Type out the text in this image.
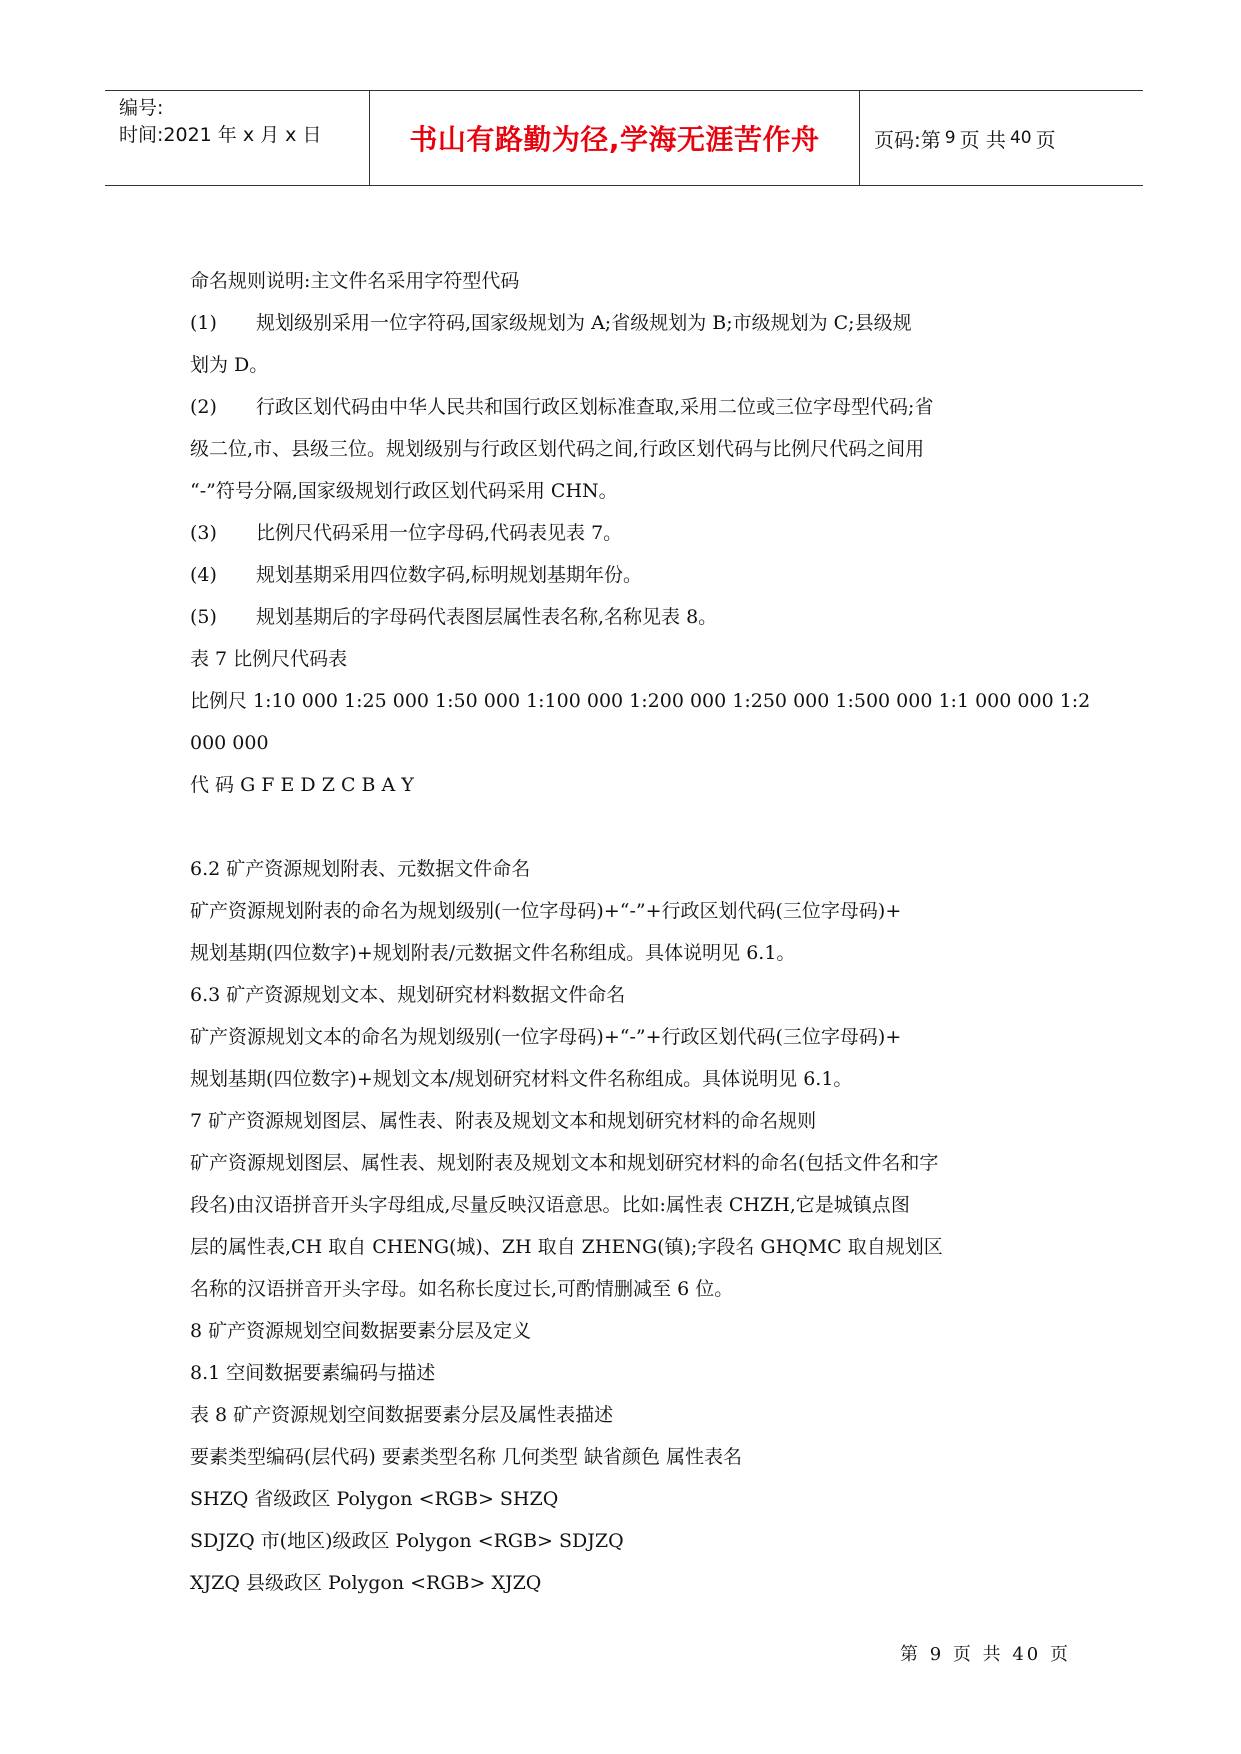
编号:
时间:2021 年 x 月 x 日	书山有路勤为径,学海无涯苦作舟	页码:第 9 页 共 40 页
命名规则说明:主文件名采用字符型代码
(1) 规划级别采用一位字符码,国家级规划为 A;省级规划为 B;市级规划为 C;县级规
划为 D。
(2) 行政区划代码由中华人民共和国行政区划标准查取,采用二位或三位字母型代码;省
级二位,市、县级三位。规划级别与行政区划代码之间,行政区划代码与比例尺代码之间用
“-”符号分隔,国家级规划行政区划代码采用 CHN。
(3) 比例尺代码采用一位字母码,代码表见表 7。
(4) 规划基期采用四位数字码,标明规划基期年份。
(5) 规划基期后的字母码代表图层属性表名称,名称见表 8。
表 7 比例尺代码表
比例尺 1:10 000 1:25 000 1:50 000 1:100 000 1:200 000 1:250 000 1:500 000 1:1 000 000 1:2
000 000
代 码 G F E D Z C B A Y
6.2 矿产资源规划附表、元数据文件命名
矿产资源规划附表的命名为规划级别(一位字母码)+“-”+行政区划代码(三位字母码)+
规划基期(四位数字)+规划附表/元数据文件名称组成。具体说明见 6.1。
6.3 矿产资源规划文本、规划研究材料数据文件命名
矿产资源规划文本的命名为规划级别(一位字母码)+“-”+行政区划代码(三位字母码)+
规划基期(四位数字)+规划文本/规划研究材料文件名称组成。具体说明见 6.1。
7 矿产资源规划图层、属性表、附表及规划文本和规划研究材料的命名规则
矿产资源规划图层、属性表、规划附表及规划文本和规划研究材料的命名(包括文件名和字
段名)由汉语拼音开头字母组成,尽量反映汉语意思。比如:属性表 CHZH,它是城镇点图
层的属性表,CH 取自 CHENG(城)、ZH 取自 ZHENG(镇);字段名 GHQMC 取自规划区
名称的汉语拼音开头字母。如名称长度过长,可酌情删减至 6 位。
8 矿产资源规划空间数据要素分层及定义
8.1 空间数据要素编码与描述
表 8 矿产资源规划空间数据要素分层及属性表描述
要素类型编码(层代码) 要素类型名称 几何类型 缺省颜色 属性表名
SHZQ 省级政区 Polygon <RGB> SHZQ
SDJZQ 市(地区)级政区 Polygon <RGB> SDJZQ
XJZQ 县级政区 Polygon <RGB> XJZQ
第 9 页 共 40 页
